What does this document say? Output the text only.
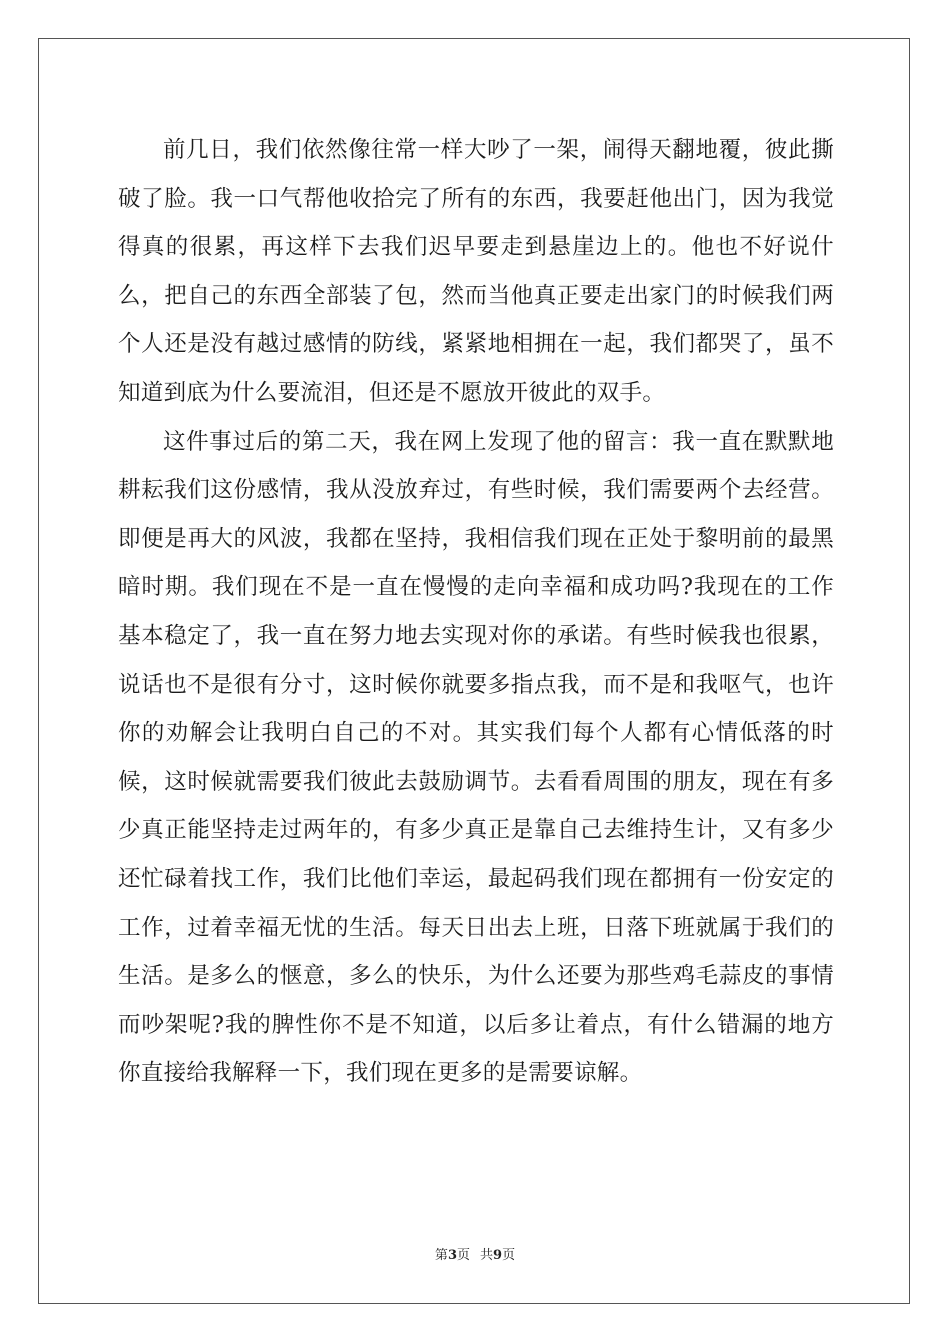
前几日，我们依然像往常一样大吵了一架，闹得天翻地覆，彼此撕破了脸。我一口气帮他收拾完了所有的东西，我要赶他出门，因为我觉得真的很累，再这样下去我们迟早要走到悬崖边上的。他也不好说什么，把自己的东西全部装了包，然而当他真正要走出家门的时候我们两个人还是没有越过感情的防线，紧紧地相拥在一起，我们都哭了，虽不知道到底为什么要流泪，但还是不愿放开彼此的双手。

这件事过后的第二天，我在网上发现了他的留言：我一直在默默地耕耘我们这份感情，我从没放弃过，有些时候，我们需要两个去经营。即便是再大的风波，我都在坚持，我相信我们现在正处于黎明前的最黑暗时期。我们现在不是一直在慢慢的走向幸福和成功吗?我现在的工作基本稳定了，我一直在努力地去实现对你的承诺。有些时候我也很累，说话也不是很有分寸，这时候你就要多指点我，而不是和我呕气，也许你的劝解会让我明白自己的不对。其实我们每个人都有心情低落的时候，这时候就需要我们彼此去鼓励调节。去看看周围的朋友，现在有多少真正能坚持走过两年的，有多少真正是靠自己去维持生计，又有多少还忙碌着找工作，我们比他们幸运，最起码我们现在都拥有一份安定的工作，过着幸福无忧的生活。每天日出去上班，日落下班就属于我们的生活。是多么的惬意，多么的快乐，为什么还要为那些鸡毛蒜皮的事情而吵架呢?我的脾性你不是不知道，以后多让着点，有什么错漏的地方你直接给我解释一下，我们现在更多的是需要谅解。

第3页 共9页
